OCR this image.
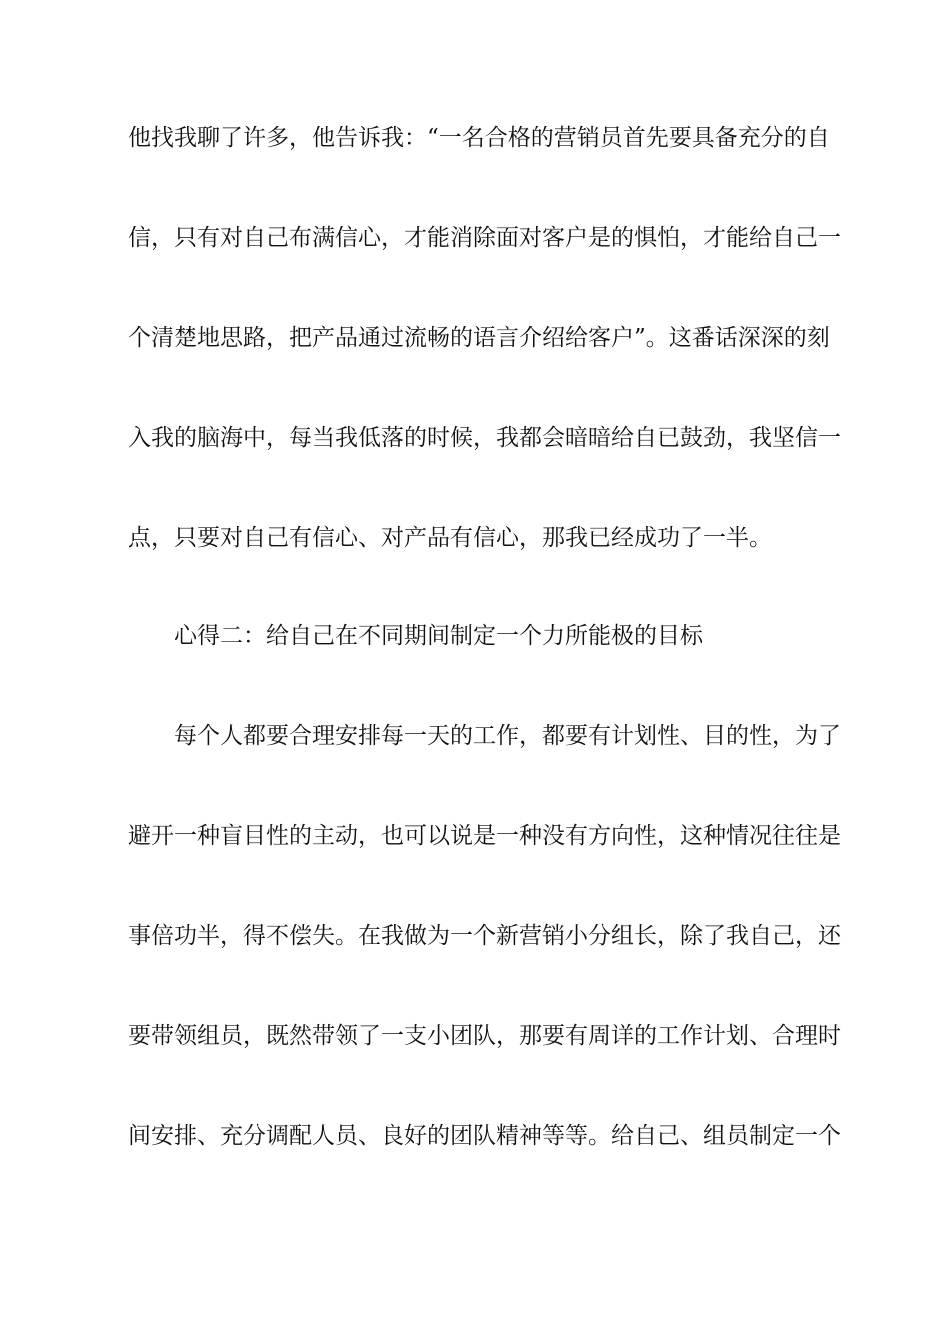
他找我聊了许多，他告诉我：“一名合格的营销员首先要具备充分的自
信，只有对自己布满信心，才能消除面对客户是的惧怕，才能给自己一
个清楚地思路，把产品通过流畅的语言介绍给客户”。这番话深深的刻
入我的脑海中，每当我低落的时候，我都会暗暗给自已鼓劲，我坚信一
点，只要对自己有信心、对产品有信心，那我已经成功了一半。
心得二：给自己在不同期间制定一个力所能极的目标
每个人都要合理安排每一天的工作，都要有计划性、目的性，为了
避开一种盲目性的主动，也可以说是一种没有方向性，这种情况往往是
事倍功半，得不偿失。在我做为一个新营销小分组长，除了我自己，还
要带领组员，既然带领了一支小团队，那要有周详的工作计划、合理时
间安排、充分调配人员、良好的团队精神等等。给自己、组员制定一个
